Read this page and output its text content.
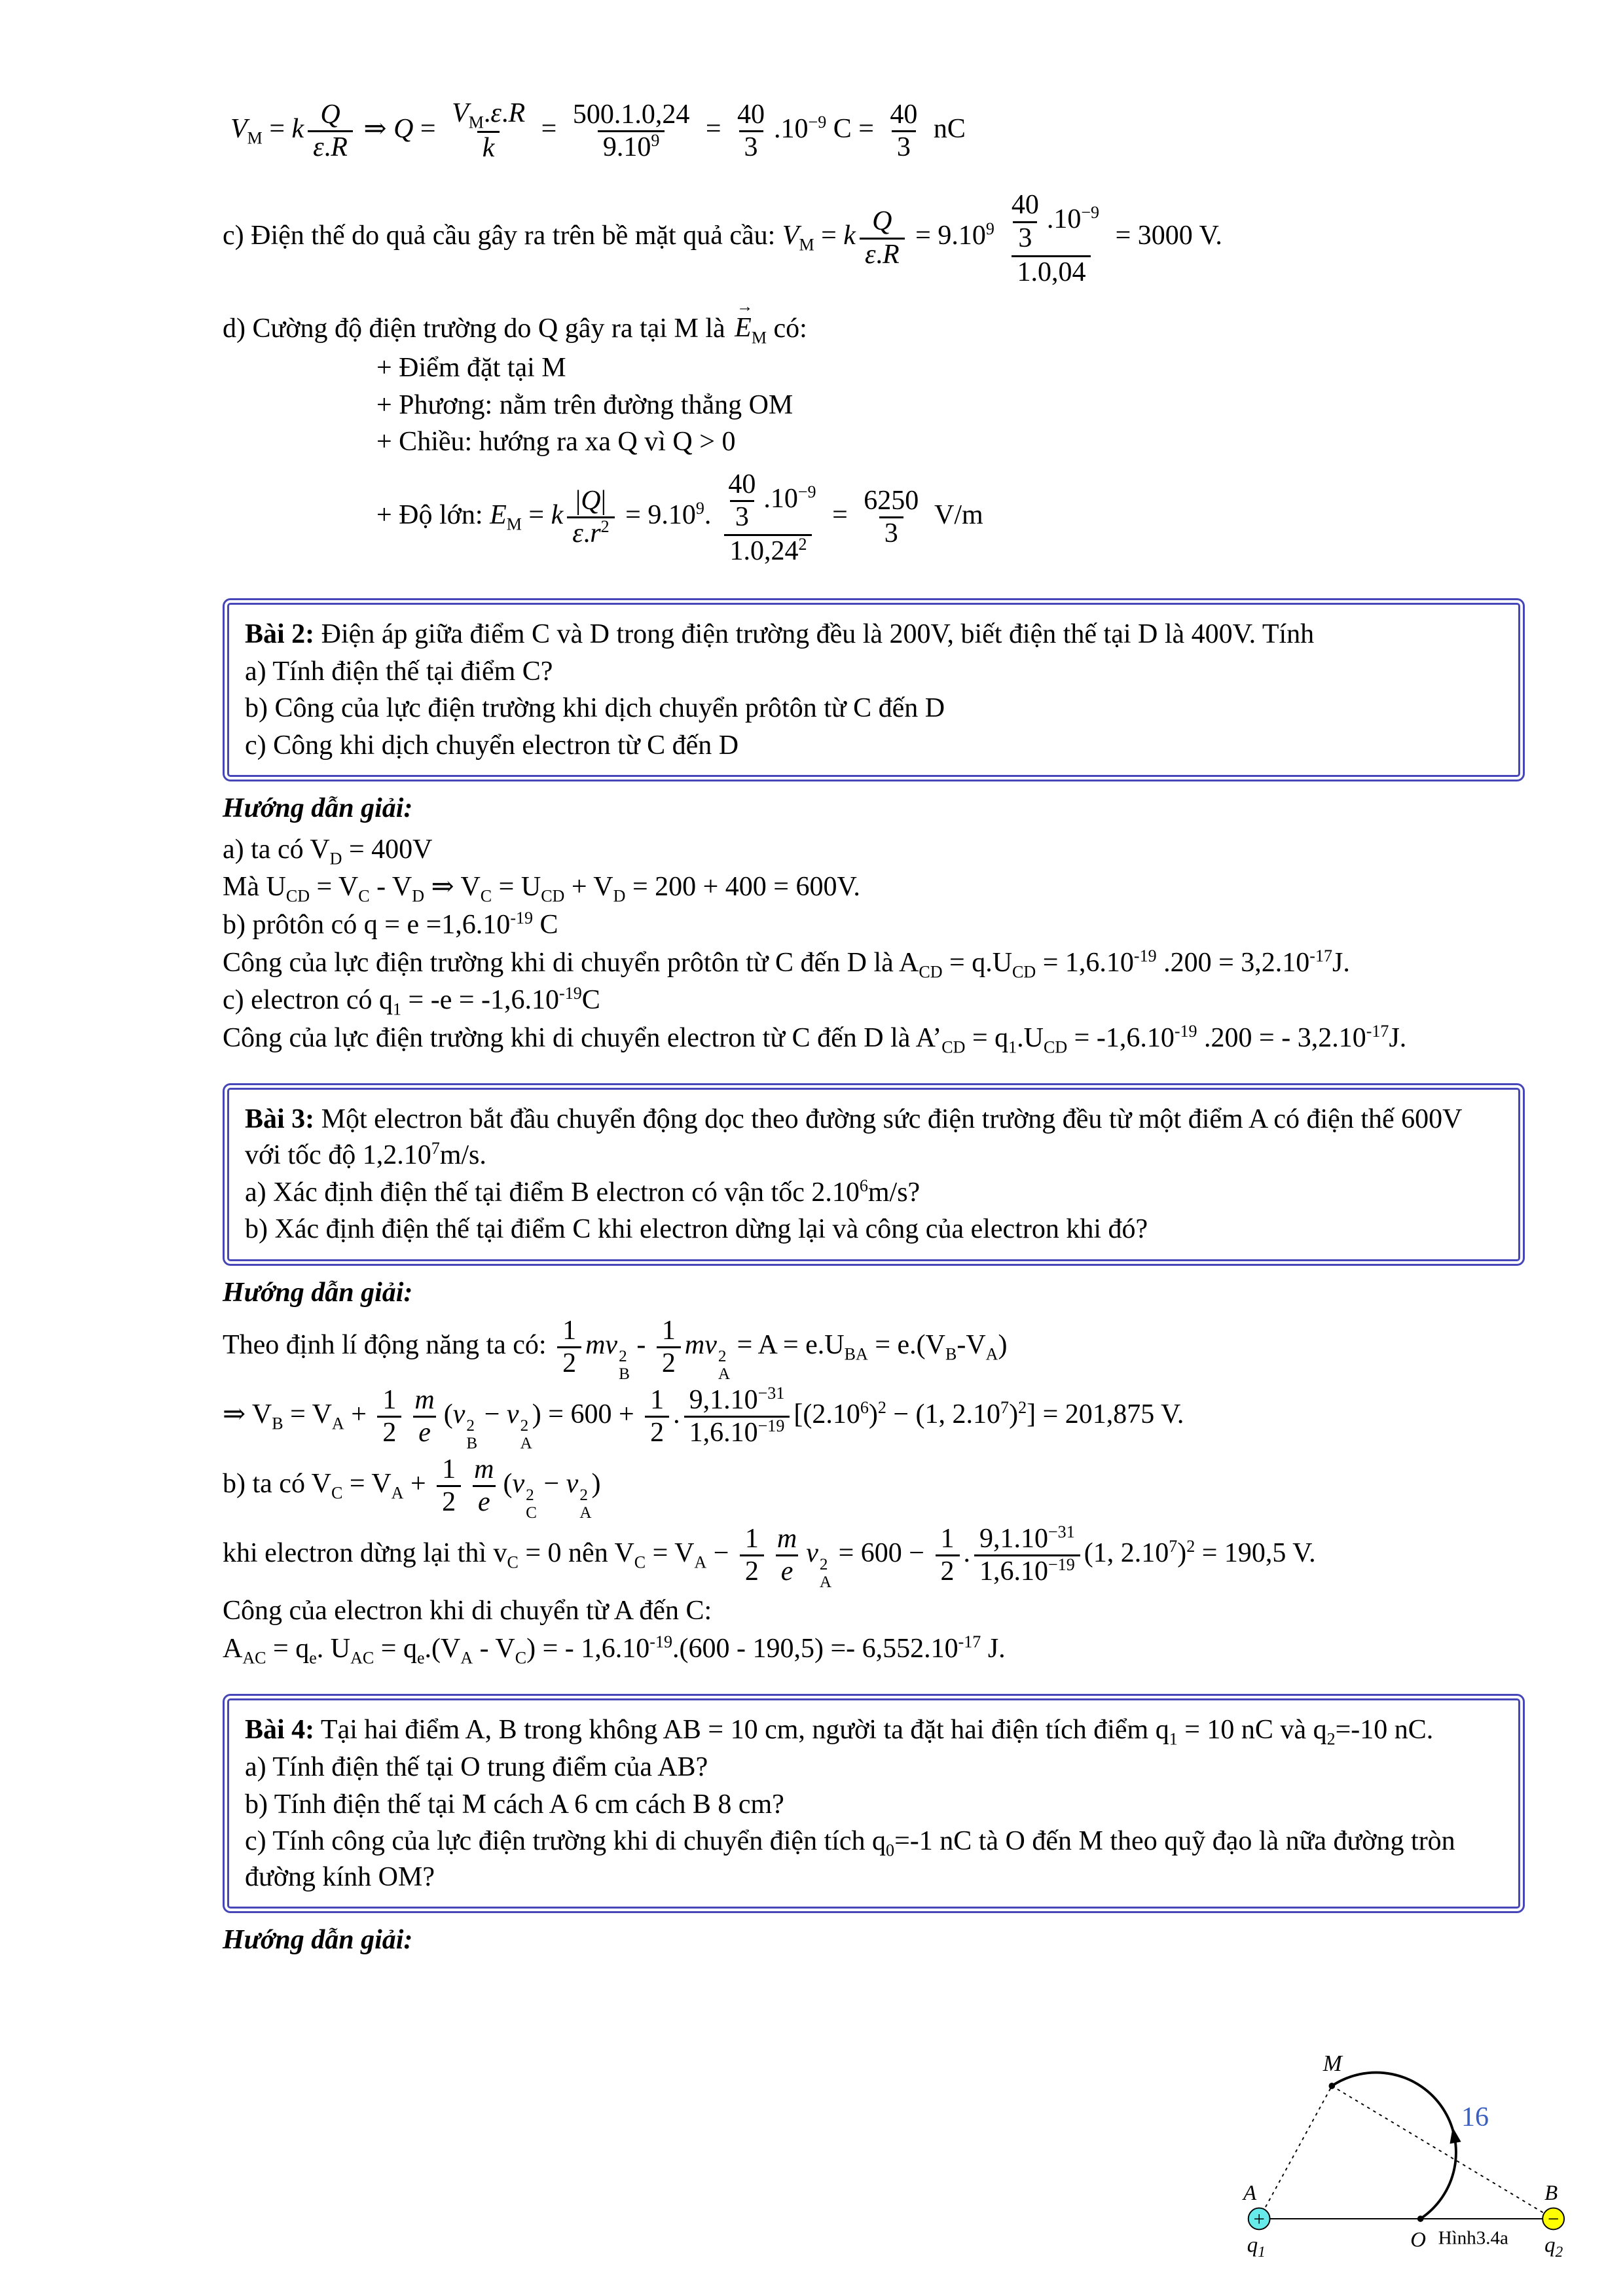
$V_M = k \frac{Q}{\varepsilon.R}$ ⇒ $Q = \frac{V_M.\varepsilon.R}{k} = \frac{500.1.0,24}{9.10^9} = \frac{40}{3} .10^{-9}$ $C = \frac{40}{3}$ nC

c) Điện thế do quả cầu gây ra trên bề mặt quả cầu: $V_M = k \frac{Q}{\varepsilon.R} = 9.10^9 \frac{\frac{40}{3} .10^{-9}}{1.0,04} = 3000$ V.

d) Cường độ điện trường do Q gây ra tại M là
→
$E_M$ có:

+ Điểm đặt tại M

+ Phương: nằm trên đường thẳng OM

+ Chiều: hướng ra xa Q vì Q > 0

+ Độ lớn: $E_M = k \frac{|Q|}{\varepsilon.r^2} = 9.10^9$. $\frac{\frac{40}{3} .10^{-9}}{1.0,24^2} = \frac{6250}{3} V/m$

Bài 2: Điện áp giữa điểm C và D trong điện trường đều là 200V, biết điện thế tại D là 400V. Tính

a) Tính điện thế tại điểm C?

b) Công của lực điện trường khi dịch chuyển prôtôn từ C đến D

c) Công khi dịch chuyển electron từ C đến D

Hướng dẫn giải:

a) ta có $V_D = 400V$

Mà $U_{CD} = V_C - V_D$ ⇒ $V_C = U_{CD} + V_D = 200 + 400 = 600V$.

b) prôtôn có $q = e =1,6.10^{-19}$ C

Công của lực điện trường khi di chuyển prôtôn từ C đến D là $A_{CD} = q.U_{CD} = 1,6.10^{-19}$ $.200 = 3,2.10^{-17}J$.

c) electron có $q_1 = -e = -1,6.10^{-19}C$

Công của lực điện trường khi di chuyển electron từ C đến D là $A’_{CD} = q_1.U_{CD} = -1,6.10^{-19}$ .200 = - $3,2.10^{-17}J$.

Bài 3: Một electron bắt đầu chuyển động dọc theo đường sức điện trường đều từ một điểm A có điện thế 600V với tốc độ 1,2.10$^7$m/s.

a) Xác định điện thế tại điểm B electron có vận tốc 2.10$^6$m/s?

b) Xác định điện thế tại điểm C khi electron dừng lại và công của electron khi đó?

Hướng dẫn giải:

Theo định lí động năng ta có: $\frac{1}{2}$ mv 2
B
- $\frac{1}{2}$ mv 2
A
= $A = e.U_{BA} = e.(V_B-V_A)$

⇒ $V_B = V_A + \frac{1}{2} \frac{m}{e} (v$ 2
B
− v 2
A
) = $600 + \frac{1}{2}$ . $\frac{9,1.10^{-31}}{1,6.10^{-19}} [(2.10^6)^2 - (1$, $2.10^7)^2] = 201,875$ V.

b) ta có $V_C = V_A + \frac{1}{2} \frac{m}{e} (v$ 2
C
− v 2
A
)

khi electron dừng lại thì $v_C = 0$ nên $V_C = V_A - \frac{1}{2} \frac{m}{e}$ v 2
A
= $600 - \frac{1}{2}$ . $\frac{9,1.10^{-31}}{1,6.10^{-19}} (1$, $2.10^7)^2 = 190,5$ V.

Công của electron khi di chuyển từ A đến C:

$A_{AC} = q_e$. $U_{AC} = q_e.(V_A - V_C)$ = - $1,6.10^{-19}.(600 - 190,5) =- 6,552.10^{-17}$ J.

Bài 4: Tại hai điểm A, B trong không AB = 10 cm, người ta đặt hai điện tích điểm $q_1 = 10$ nC và $q_2=-10$ nC.

a) Tính điện thế tại O trung điểm của AB?

b) Tính điện thế tại M cách A 6 cm cách B 8 cm?

c) Tính công của lực điện trường khi di chuyển điện tích $q_0=-1$ nC tà O đến M theo quỹ đạo là nữa đường tròn đường kính OM?

Hướng dẫn giải:

+	−
M
A	B
O
$q_1$	$q_2$
Hình3.4a
16
